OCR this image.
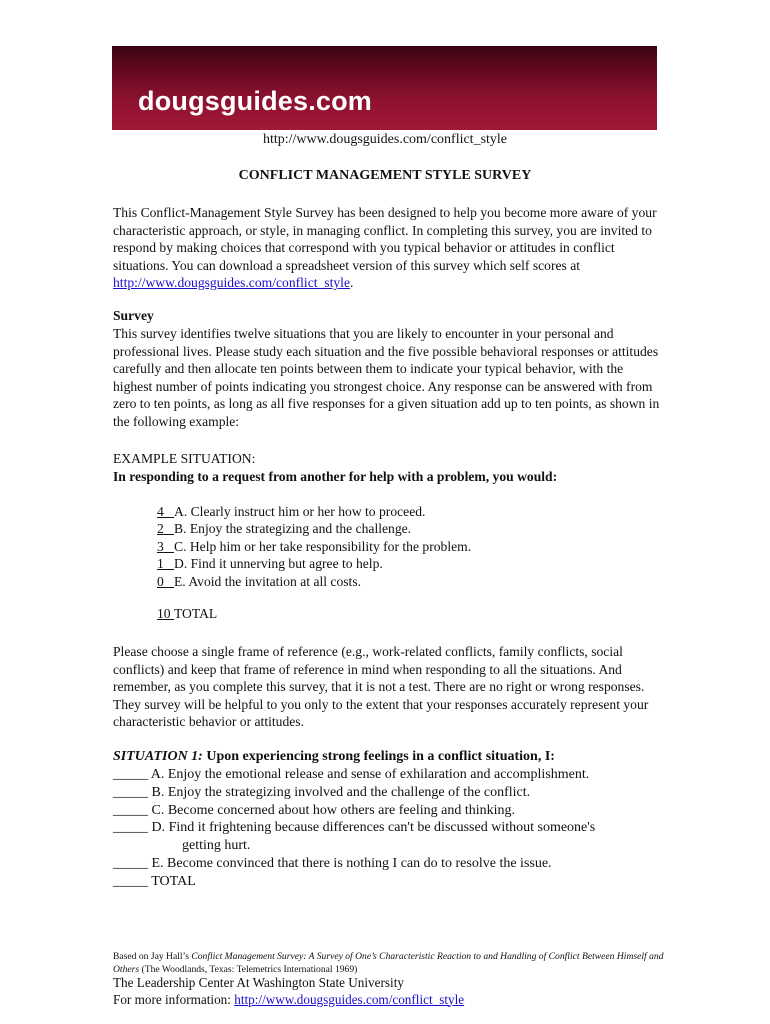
dougsguides.com
http://www.dougsguides.com/conflict_style
CONFLICT MANAGEMENT STYLE SURVEY
This Conflict-Management Style Survey has been designed to help you become more aware of your characteristic approach, or style, in managing conflict. In completing this survey, you are invited to respond by making choices that correspond with you typical behavior or attitudes in conflict situations. You can download a spreadsheet version of this survey which self scores at http://www.dougsguides.com/conflict_style.
Survey
This survey identifies twelve situations that you are likely to encounter in your personal and professional lives. Please study each situation and the five possible behavioral responses or attitudes carefully and then allocate ten points between them to indicate your typical behavior, with the highest number of points indicating you strongest choice. Any response can be answered with from zero to ten points, as long as all five responses for a given situation add up to ten points, as shown in the following example:
EXAMPLE SITUATION:
In responding to a request from another for help with a problem, you would:
4 A. Clearly instruct him or her how to proceed.
2 B. Enjoy the strategizing and the challenge.
3 C. Help him or her take responsibility for the problem.
1 D. Find it unnerving but agree to help.
0 E. Avoid the invitation at all costs.
10 TOTAL
Please choose a single frame of reference (e.g., work-related conflicts, family conflicts, social conflicts) and keep that frame of reference in mind when responding to all the situations. And remember, as you complete this survey, that it is not a test. There are no right or wrong responses. They survey will be helpful to you only to the extent that your responses accurately represent your characteristic behavior or attitudes.
SITUATION 1: Upon experiencing strong feelings in a conflict situation, I:
_____ A. Enjoy the emotional release and sense of exhilaration and accomplishment.
_____ B. Enjoy the strategizing involved and the challenge of the conflict.
_____ C. Become concerned about how others are feeling and thinking.
_____ D. Find it frightening because differences can't be discussed without someone's
getting hurt.
_____ E. Become convinced that there is nothing I can do to resolve the issue.
_____ TOTAL
Based on Jay Hall’s Conflict Management Survey: A Survey of One’s Characteristic Reaction to and Handling of Conflict Between Himself and Others (The Woodlands, Texas: Telemetrics International 1969)
The Leadership Center At Washington State University
For more information: http://www.dougsguides.com/conflict_style
